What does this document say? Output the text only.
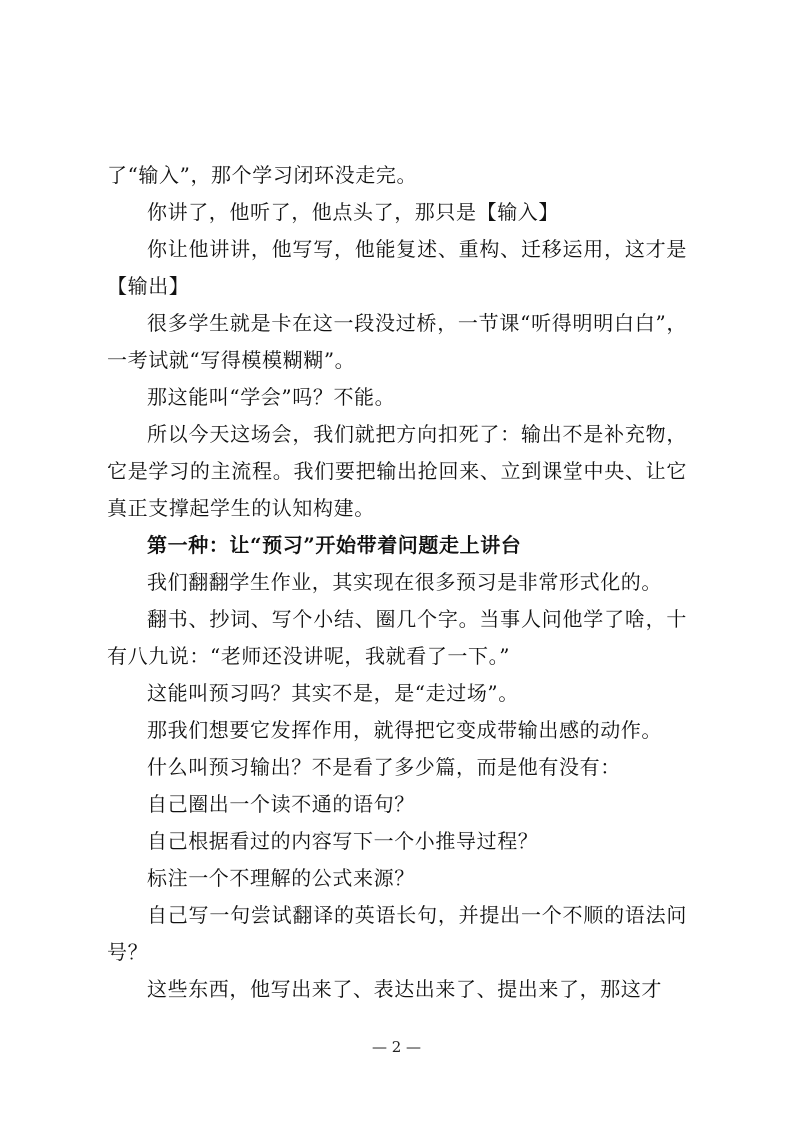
了“输入”，那个学习闭环没走完。

你讲了，他听了，他点头了，那只是【输入】

你让他讲讲，他写写，他能复述、重构、迁移运用，这才是【输出】

很多学生就是卡在这一段没过桥，一节课“听得明明白白”，一考试就“写得模模糊糊”。

那这能叫“学会”吗？不能。

所以今天这场会，我们就把方向扣死了：输出不是补充物，它是学习的主流程。我们要把输出抢回来、立到课堂中央、让它真正支撑起学生的认知构建。

第一种：让“预习”开始带着问题走上讲台

我们翻翻学生作业，其实现在很多预习是非常形式化的。

翻书、抄词、写个小结、圈几个字。当事人问他学了啥，十有八九说：“老师还没讲呢，我就看了一下。”

这能叫预习吗？其实不是，是“走过场”。

那我们想要它发挥作用，就得把它变成带输出感的动作。

什么叫预习输出？不是看了多少篇，而是他有没有：

自己圈出一个读不通的语句？

自己根据看过的内容写下一个小推导过程？

标注一个不理解的公式来源？

自己写一句尝试翻译的英语长句，并提出一个不顺的语法问号？

这些东西，他写出来了、表达出来了、提出来了，那这才

— 2 —
